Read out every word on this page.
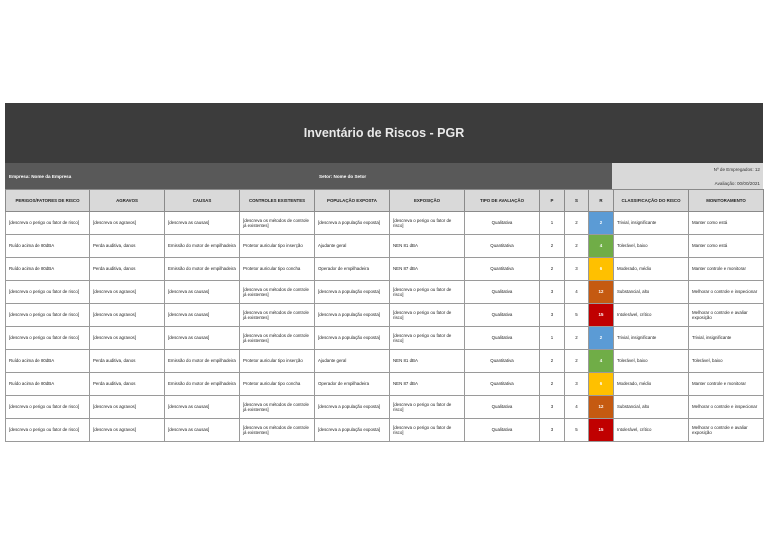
Inventário de Riscos - PGR
Empresa: Nome da Empresa	Setor: Nome do Setor
Nº de Empregados: 12
Avaliação: 00/00/2021
PERIGOS/FATORES DE RISCO	AGRAVOS	CAUSAS	CONTROLES EXISTENTES	POPULAÇÃO EXPOSTA	EXPOSIÇÃO	TIPO DE AVALIAÇÃO	P	S	R	CLASSIFICAÇÃO DO RISCO	MONITORAMENTO
[descreva o perigo ou fator de risco]	[descreva os agravos]	[descreva as causas]	[descreva os métodos de controle já existentes]	[descreva a população exposta]	[descreva o perigo ou fator de risco]	Qualitativa	1	2	2	Trivial, insignificante	Manter como está
Ruído acima de 80dBA	Perda auditiva, danos	Emissão do motor de empilhadeira	Protetor auricular tipo inserção	Ajudante geral	NEN 81 dBA	Quantitativa	2	2	4	Tolerável, baixo	Manter como está
Ruído acima de 80dBA	Perda auditiva, danos	Emissão do motor de empilhadeira	Protetor auricular tipo concha	Operador de empilhadeira	NEN 87 dBA	Quantitativa	2	3	6	Moderado, médio	Manter controle e monitorar
[descreva o perigo ou fator de risco]	[descreva os agravos]	[descreva as causas]	[descreva os métodos de controle já existentes]	[descreva a população exposta]	[descreva o perigo ou fator de risco]	Qualitativa	3	4	12	Substancial, alto	Melhorar o controle e inspecionar
[descreva o perigo ou fator de risco]	[descreva os agravos]	[descreva as causas]	[descreva os métodos de controle já existentes]	[descreva a população exposta]	[descreva o perigo ou fator de risco]	Qualitativa	3	5	15	Intolerável, crítico	Melhorar o controle e avaliar exposição
[descreva o perigo ou fator de risco]	[descreva os agravos]	[descreva as causas]	[descreva os métodos de controle já existentes]	[descreva a população exposta]	[descreva o perigo ou fator de risco]	Qualitativa	1	2	2	Trivial, insignificante	Trivial, insignificante
Ruído acima de 80dBA	Perda auditiva, danos	Emissão do motor de empilhadeira	Protetor auricular tipo inserção	Ajudante geral	NEN 81 dBA	Quantitativa	2	2	4	Tolerável, baixo	Tolerável, baixo
Ruído acima de 80dBA	Perda auditiva, danos	Emissão do motor de empilhadeira	Protetor auricular tipo concha	Operador de empilhadeira	NEN 87 dBA	Quantitativa	2	3	6	Moderado, médio	Manter controle e monitorar
[descreva o perigo ou fator de risco]	[descreva os agravos]	[descreva as causas]	[descreva os métodos de controle já existentes]	[descreva a população exposta]	[descreva o perigo ou fator de risco]	Qualitativa	3	4	12	Substancial, alto	Melhorar o controle e inspecionar
[descreva o perigo ou fator de risco]	[descreva os agravos]	[descreva as causas]	[descreva os métodos de controle já existentes]	[descreva a população exposta]	[descreva o perigo ou fator de risco]	Qualitativa	3	5	15	Intolerável, crítico	Melhorar o controle e avaliar exposição
